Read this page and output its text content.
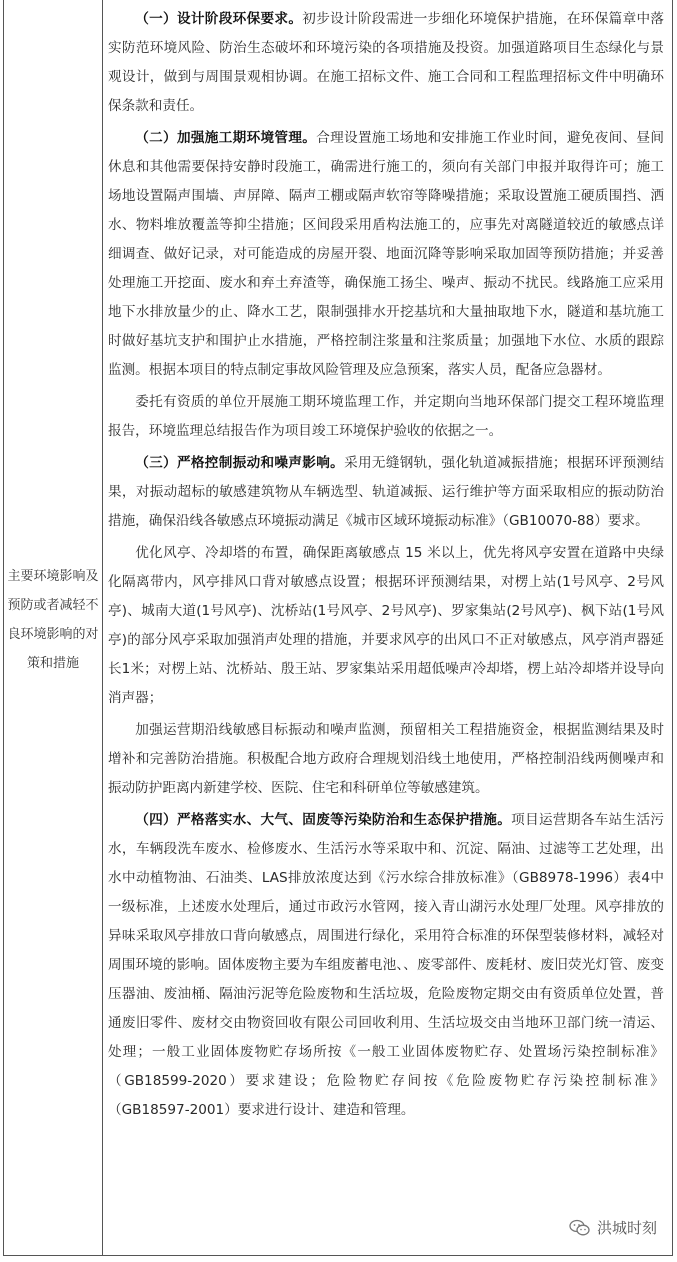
主要环境影响及预防或者减轻不良环境影响的对策和措施

（一）设计阶段环保要求。初步设计阶段需进一步细化环境保护措施，在环保篇章中落实防范环境风险、防治生态破坏和环境污染的各项措施及投资。加强道路项目生态绿化与景观设计，做到与周围景观相协调。在施工招标文件、施工合同和工程监理招标文件中明确环保条款和责任。

（二）加强施工期环境管理。合理设置施工场地和安排施工作业时间，避免夜间、昼间休息和其他需要保持安静时段施工，确需进行施工的，须向有关部门申报并取得许可；施工场地设置隔声围墙、声屏障、隔声工棚或隔声软帘等降噪措施；采取设置施工硬质围挡、洒水、物料堆放覆盖等抑尘措施；区间段采用盾构法施工的，应事先对离隧道较近的敏感点详细调查、做好记录，对可能造成的房屋开裂、地面沉降等影响采取加固等预防措施；并妥善处理施工开挖面、废水和弃土弃渣等，确保施工扬尘、噪声、振动不扰民。线路施工应采用地下水排放量少的止、降水工艺，限制强排水开挖基坑和大量抽取地下水，隧道和基坑施工时做好基坑支护和围护止水措施，严格控制注浆量和注浆质量；加强地下水位、水质的跟踪监测。根据本项目的特点制定事故风险管理及应急预案，落实人员，配备应急器材。

委托有资质的单位开展施工期环境监理工作，并定期向当地环保部门提交工程环境监理报告，环境监理总结报告作为项目竣工环境保护验收的依据之一。

（三）严格控制振动和噪声影响。采用无缝钢轨，强化轨道减振措施；根据环评预测结果，对振动超标的敏感建筑物从车辆选型、轨道减振、运行维护等方面采取相应的振动防治措施，确保沿线各敏感点环境振动满足《城市区域环境振动标准》（GB10070-88）要求。

优化风亭、冷却塔的布置，确保距离敏感点 15 米以上，优先将风亭安置在道路中央绿化隔离带内，风亭排风口背对敏感点设置；根据环评预测结果，对楞上站(1号风亭、2号风亭)、城南大道(1号风亭)、沈桥站(1号风亭、2号风亭)、罗家集站(2号风亭)、枫下站(1号风亭)的部分风亭采取加强消声处理的措施，并要求风亭的出风口不正对敏感点，风亭消声器延长1米；对楞上站、沈桥站、殷王站、罗家集站采用超低噪声冷却塔，楞上站冷却塔并设导向消声器；

加强运营期沿线敏感目标振动和噪声监测，预留相关工程措施资金，根据监测结果及时增补和完善防治措施。积极配合地方政府合理规划沿线土地使用，严格控制沿线两侧噪声和振动防护距离内新建学校、医院、住宅和科研单位等敏感建筑。

（四）严格落实水、大气、固废等污染防治和生态保护措施。项目运营期各车站生活污水，车辆段洗车废水、检修废水、生活污水等采取中和、沉淀、隔油、过滤等工艺处理，出水中动植物油、石油类、LAS排放浓度达到《污水综合排放标准》（GB8978-1996）表4中一级标准，上述废水处理后，通过市政污水管网，接入青山湖污水处理厂处理。风亭排放的异味采取风亭排放口背向敏感点，周围进行绿化，采用符合标准的环保型装修材料，减轻对周围环境的影响。固体废物主要为车组废蓄电池、、废零部件、废耗材、废旧荧光灯管、废变压器油、废油桶、隔油污泥等危险废物和生活垃圾，危险废物定期交由有资质单位处置，普通废旧零件、废材交由物资回收有限公司回收利用、生活垃圾交由当地环卫部门统一清运、处理；一般工业固体废物贮存场所按《一般工业固体废物贮存、处置场污染控制标准》（GB18599-2020）要求建设；危险物贮存间按《危险废物贮存污染控制标准》（GB18597-2001）要求进行设计、建造和管理。

洪城时刻
